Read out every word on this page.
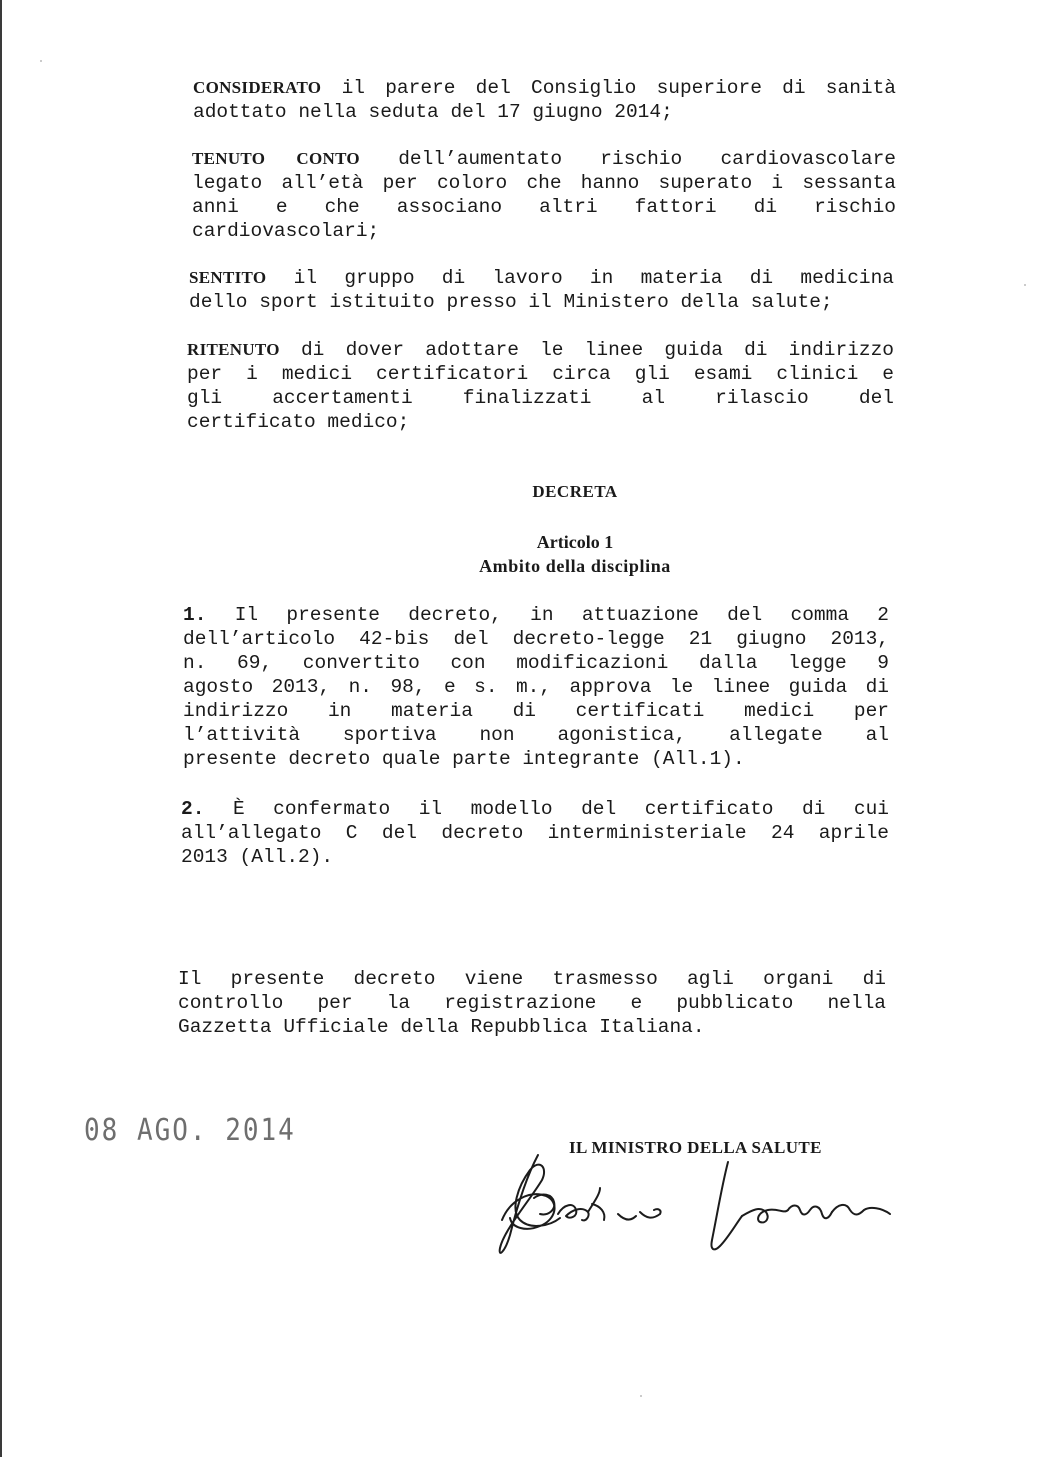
CONSIDERATO il parere del Consiglio superiore di sanità
adottato nella seduta del 17 giugno 2014;
TENUTO CONTO dell’aumentato rischio cardiovascolare
legato all’età per coloro che hanno superato i sessanta
anni e che associano altri fattori di rischio
cardiovascolari;
SENTITO il gruppo di lavoro in materia di medicina
dello sport istituito presso il Ministero della salute;
RITENUTO di dover adottare le linee guida di indirizzo
per i medici certificatori circa gli esami clinici e
gli accertamenti finalizzati al rilascio del
certificato medico;
DECRETA
Articolo 1
Ambito della disciplina
1. Il presente decreto, in attuazione del comma 2
dell’articolo 42-bis del decreto-legge 21 giugno 2013,
n. 69, convertito con modificazioni dalla legge 9
agosto 2013, n. 98, e s. m., approva le linee guida di
indirizzo in materia di certificati medici per
l’attività sportiva non agonistica, allegate al
presente decreto quale parte integrante (All.1).
2. È confermato il modello del certificato di cui
all’allegato C del decreto interministeriale 24 aprile
2013 (All.2).
Il presente decreto viene trasmesso agli organi di
controllo per la registrazione e pubblicato nella
Gazzetta Ufficiale della Repubblica Italiana.
08 AGO. 2014	IL MINISTRO DELLA SALUTE
